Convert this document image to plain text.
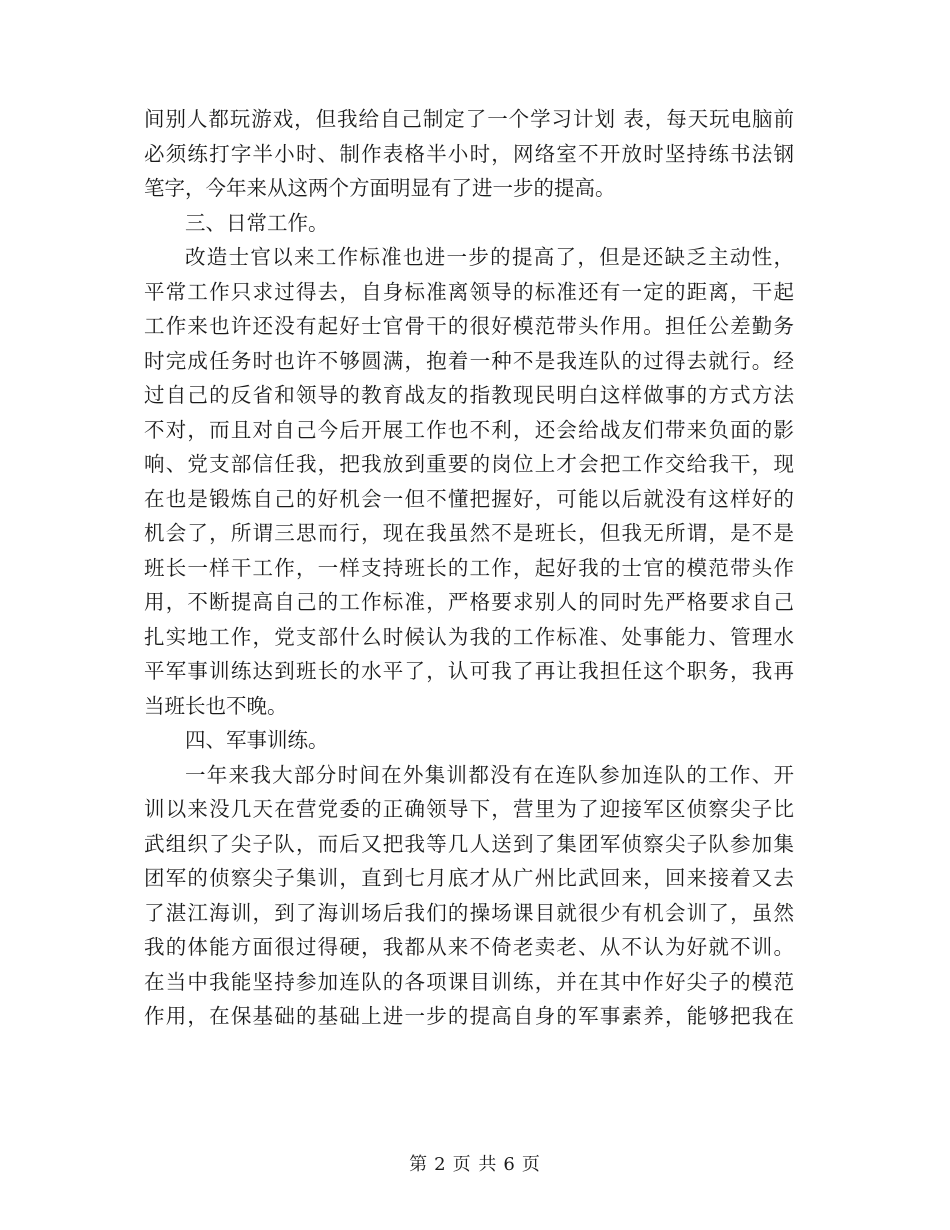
间别人都玩游戏，但我给自己制定了一个学习计划 表，每天玩电脑前
必须练打字半小时、制作表格半小时，网络室不开放时坚持练书法钢
笔字，今年来从这两个方面明显有了进一步的提高。
三、日常工作。
改造士官以来工作标准也进一步的提高了，但是还缺乏主动性，
平常工作只求过得去，自身标准离领导的标准还有一定的距离，干起
工作来也许还没有起好士官骨干的很好模范带头作用。担任公差勤务
时完成任务时也许不够圆满，抱着一种不是我连队的过得去就行。经
过自己的反省和领导的教育战友的指教现民明白这样做事的方式方法
不对，而且对自己今后开展工作也不利，还会给战友们带来负面的影
响、党支部信任我，把我放到重要的岗位上才会把工作交给我干，现
在也是锻炼自己的好机会一但不懂把握好，可能以后就没有这样好的
机会了，所谓三思而行，现在我虽然不是班长，但我无所谓，是不是
班长一样干工作，一样支持班长的工作，起好我的士官的模范带头作
用，不断提高自己的工作标准，严格要求别人的同时先严格要求自己
扎实地工作，党支部什么时候认为我的工作标准、处事能力、管理水
平军事训练达到班长的水平了，认可我了再让我担任这个职务，我再
当班长也不晚。
四、军事训练。
一年来我大部分时间在外集训都没有在连队参加连队的工作、开
训以来没几天在营党委的正确领导下，营里为了迎接军区侦察尖子比
武组织了尖子队，而后又把我等几人送到了集团军侦察尖子队参加集
团军的侦察尖子集训，直到七月底才从广州比武回来，回来接着又去
了湛江海训，到了海训场后我们的操场课目就很少有机会训了，虽然
我的体能方面很过得硬，我都从来不倚老卖老、从不认为好就不训。
在当中我能坚持参加连队的各项课目训练，并在其中作好尖子的模范
作用，在保基础的基础上进一步的提高自身的军事素养，能够把我在
第 2 页 共 6 页
